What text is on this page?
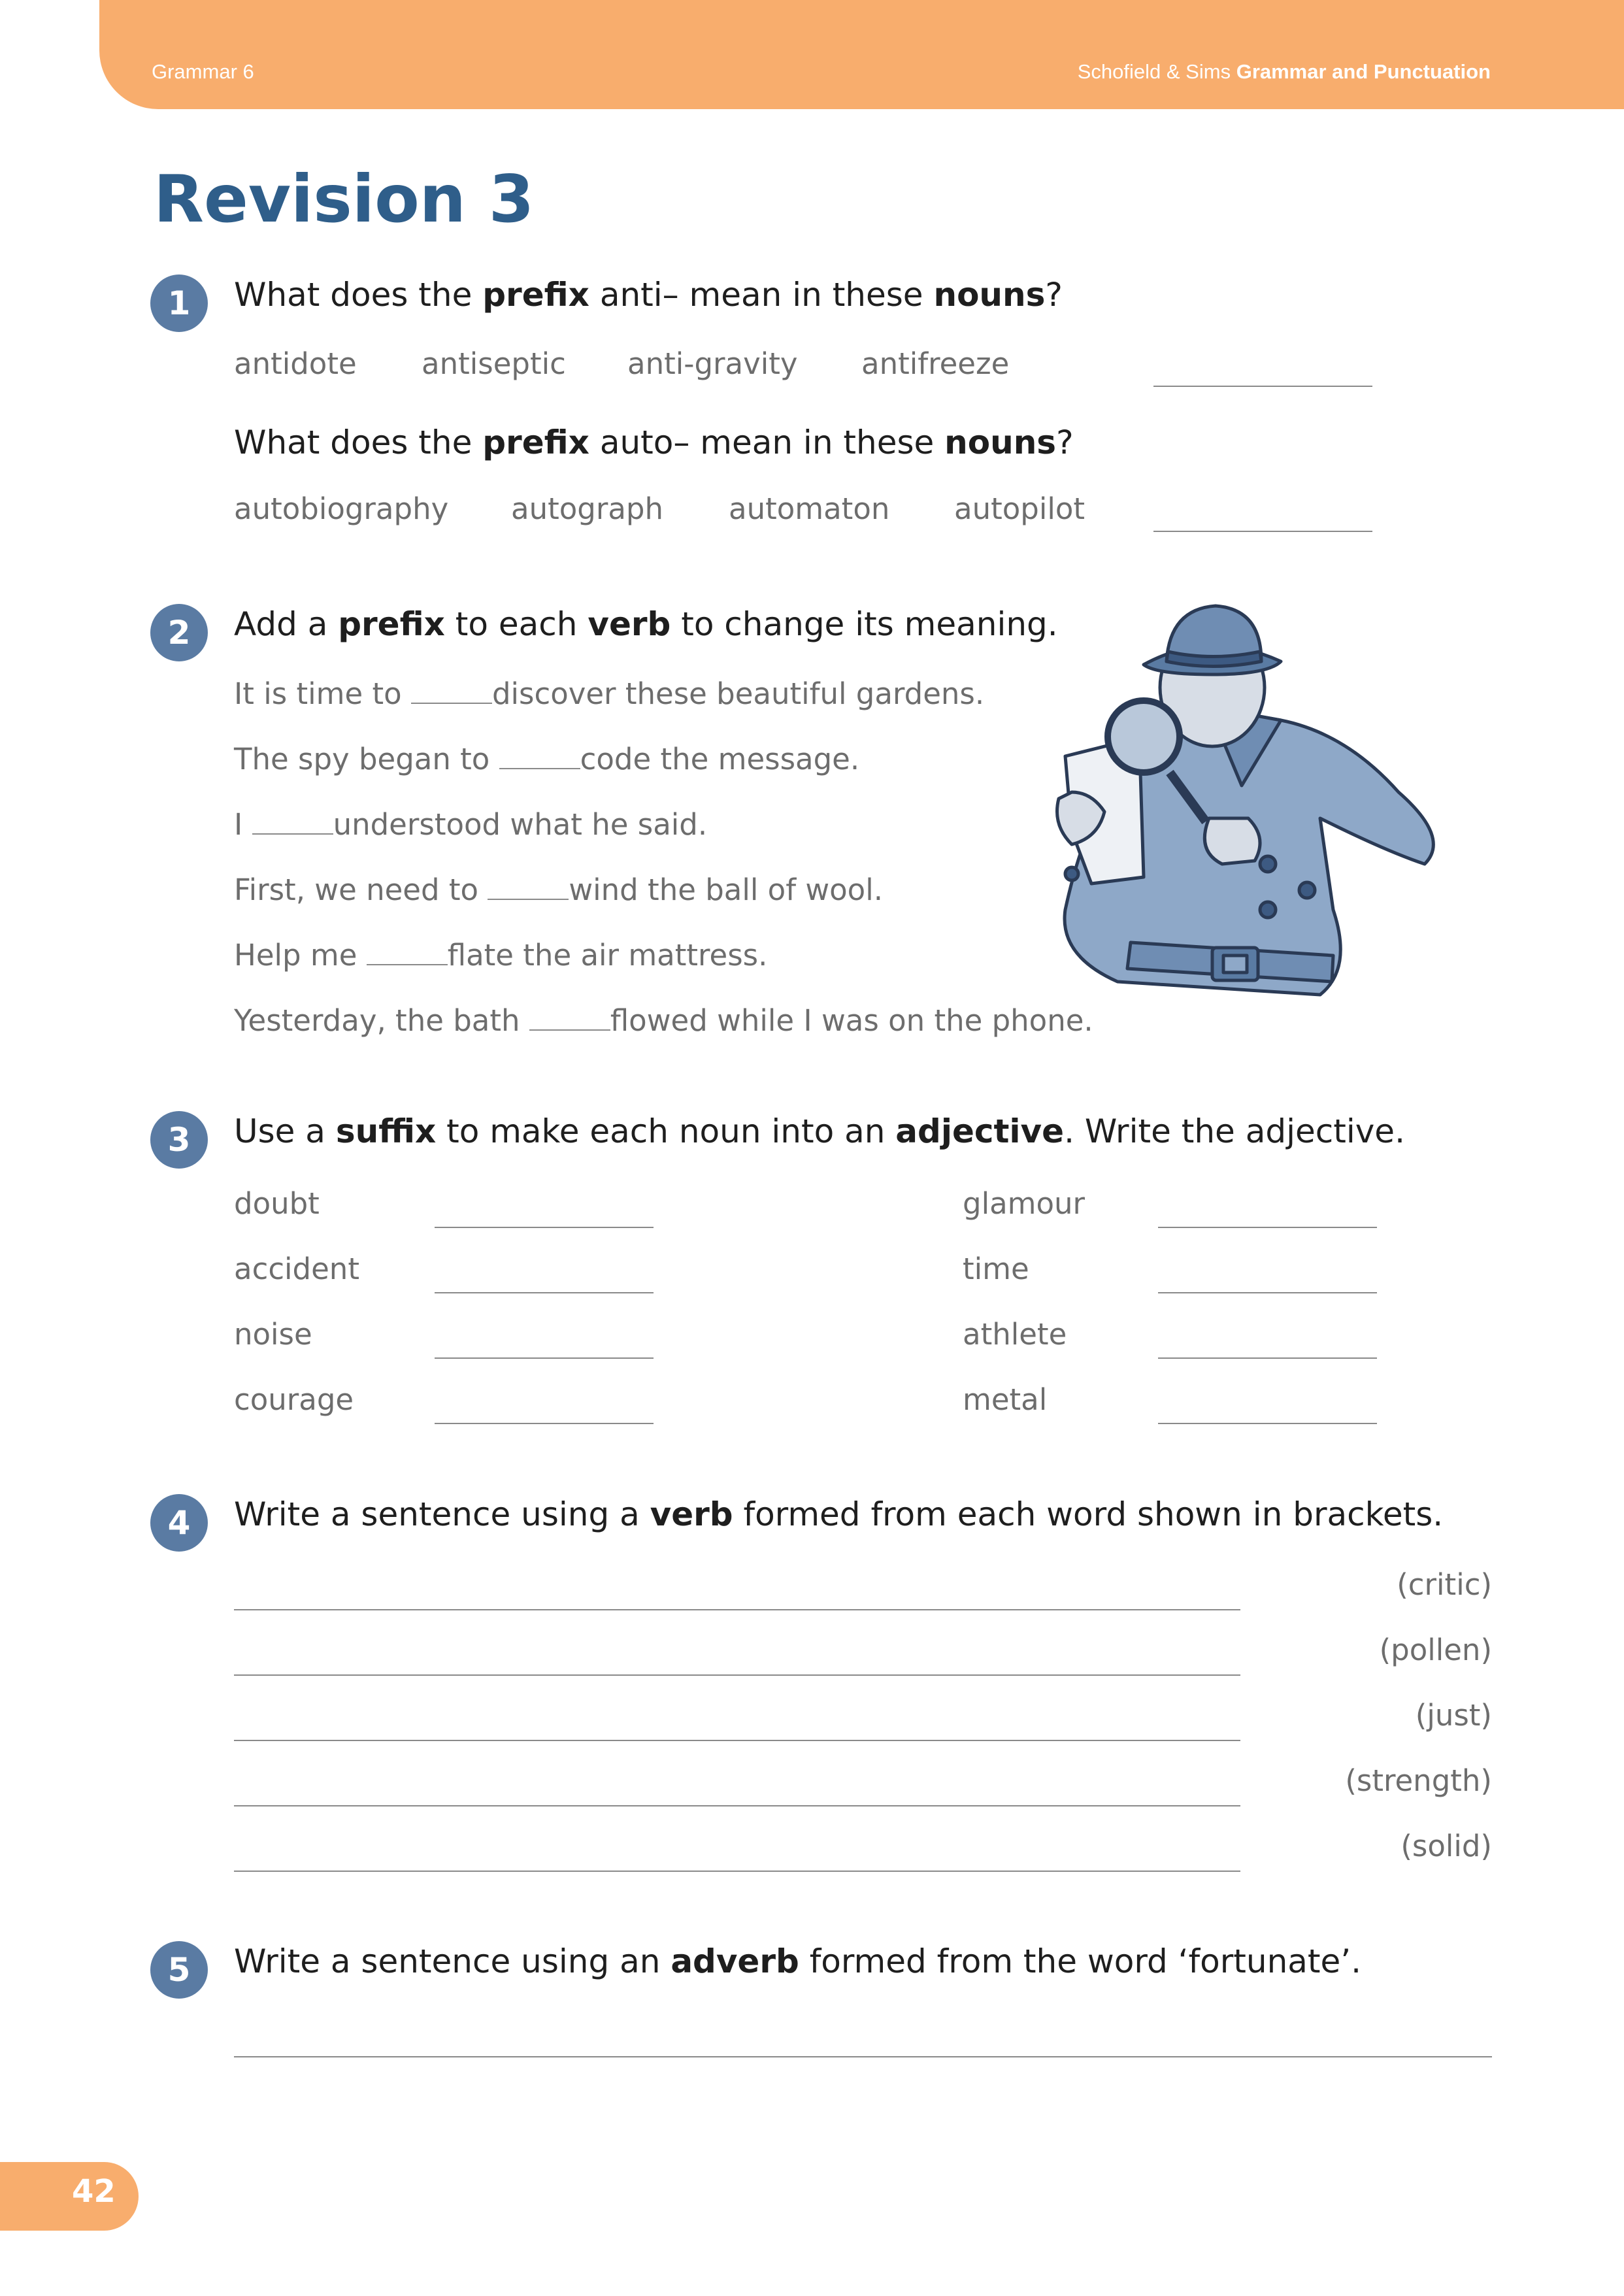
Grammar 6	Schofield & Sims Grammar and Punctuation
Revision 3
1	What does the prefix anti– mean in these nouns?
antidote antiseptic anti-gravity antifreeze
What does the prefix auto– mean in these nouns?
autobiography autograph automaton autopilot
2	Add a prefix to each verb to change its meaning.
It is time to	discover these beautiful gardens.
The spy began to	code the message.
I	understood what he said.
First, we need to	wind the ball of wool.
Help me	flate the air mattress.
Yesterday, the bath	flowed while I was on the phone.
3	Use a suffix to make each noun into an adjective. Write the adjective.
doubt
accident
noise
courage
glamour
time
athlete
metal
4	Write a sentence using a verb formed from each word shown in brackets.
(critic)
(pollen)
(just)
(strength)
(solid)
5	Write a sentence using an adverb formed from the word ‘fortunate’.
42
